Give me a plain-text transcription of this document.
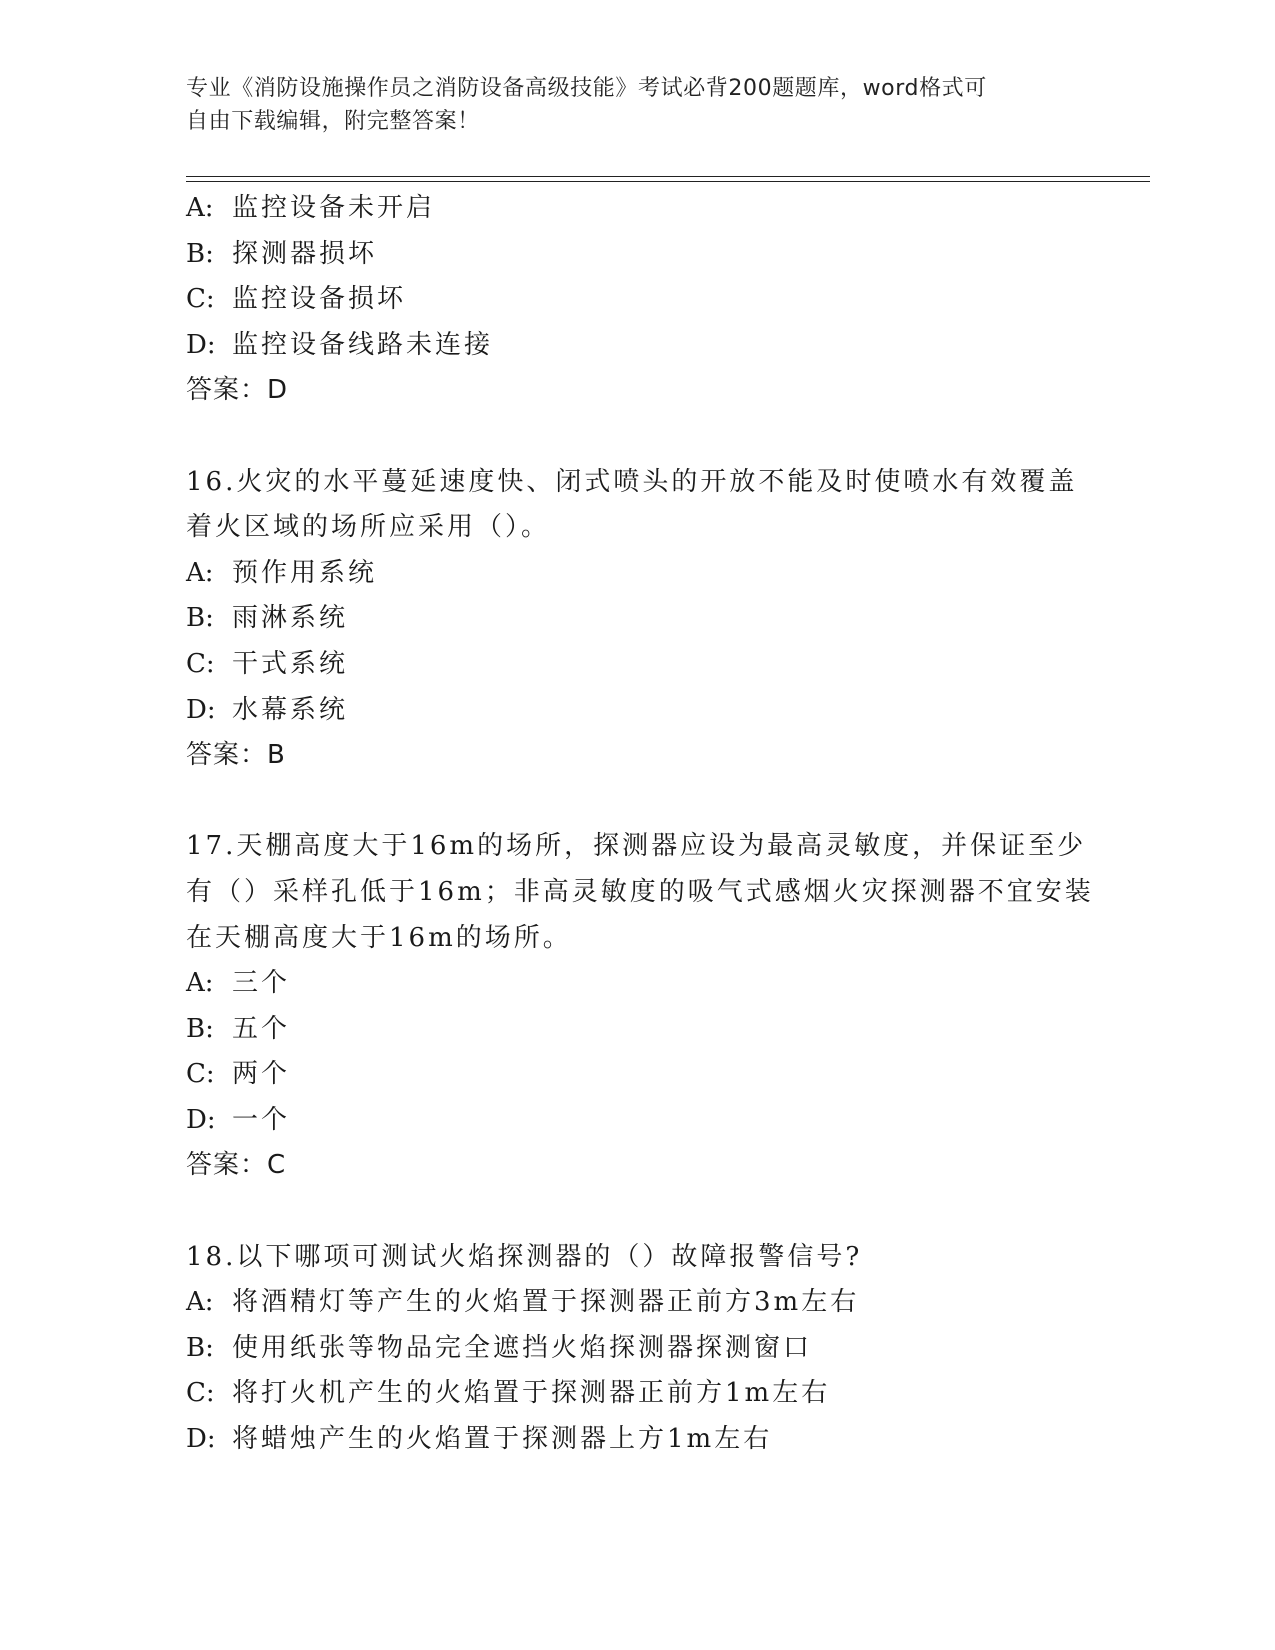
专业《消防设施操作员之消防设备高级技能》考试必背200题题库，word格式可
自由下载编辑，附完整答案！
A: 监控设备未开启
B: 探测器损坏
C: 监控设备损坏
D: 监控设备线路未连接
答案：D
16.火灾的水平蔓延速度快、闭式喷头的开放不能及时使喷水有效覆盖
着火区域的场所应采用（）。
A: 预作用系统
B: 雨淋系统
C: 干式系统
D: 水幕系统
答案：B
17.天棚高度大于16m的场所，探测器应设为最高灵敏度，并保证至少
有（）采样孔低于16m；非高灵敏度的吸气式感烟火灾探测器不宜安装
在天棚高度大于16m的场所。
A: 三个
B: 五个
C: 两个
D: 一个
答案：C
18.以下哪项可测试火焰探测器的（）故障报警信号?
A: 将酒精灯等产生的火焰置于探测器正前方3m左右
B: 使用纸张等物品完全遮挡火焰探测器探测窗口
C: 将打火机产生的火焰置于探测器正前方1m左右
D: 将蜡烛产生的火焰置于探测器上方1m左右
